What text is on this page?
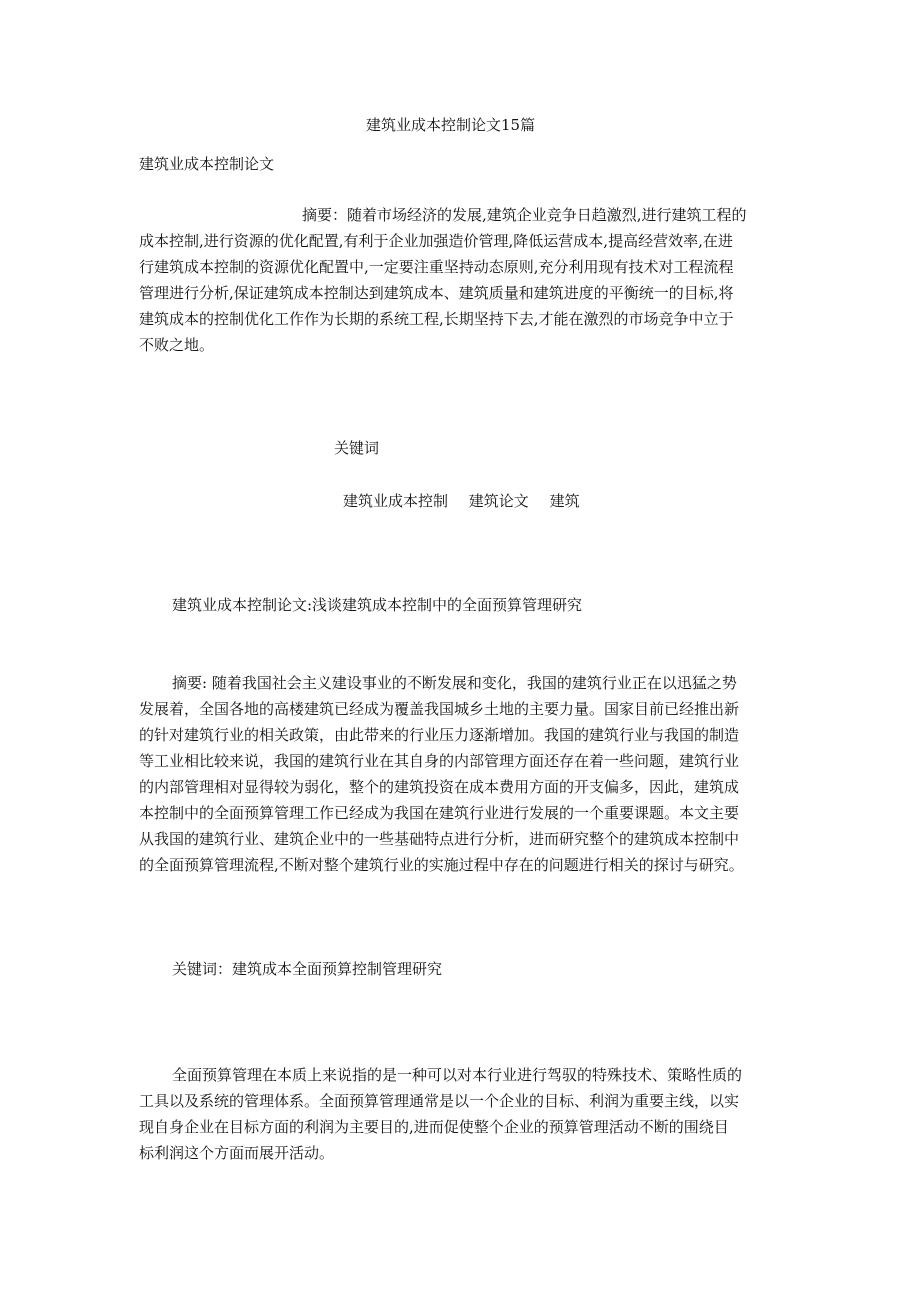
建筑业成本控制论文15篇
建筑业成本控制论文
摘要：随着市场经济的发展,建筑企业竞争日趋激烈,进行建筑工程的
成本控制,进行资源的优化配置,有利于企业加强造价管理,降低运营成本,提高经营效率,在进
行建筑成本控制的资源优化配置中,一定要注重坚持动态原则,充分利用现有技术对工程流程
管理进行分析,保证建筑成本控制达到建筑成本、建筑质量和建筑进度的平衡统一的目标,将
建筑成本的控制优化工作作为长期的系统工程,长期坚持下去,才能在激烈的市场竞争中立于
不败之地。
关键词
建筑业成本控制 建筑论文 建筑
建筑业成本控制论文:浅谈建筑成本控制中的全面预算管理研究
摘要: 随着我国社会主义建设事业的不断发展和变化，我国的建筑行业正在以迅猛之势
发展着，全国各地的高楼建筑已经成为覆盖我国城乡土地的主要力量。国家目前已经推出新
的针对建筑行业的相关政策，由此带来的行业压力逐渐增加。我国的建筑行业与我国的制造
等工业相比较来说，我国的建筑行业在其自身的内部管理方面还存在着一些问题，建筑行业
的内部管理相对显得较为弱化，整个的建筑投资在成本费用方面的开支偏多，因此，建筑成
本控制中的全面预算管理工作已经成为我国在建筑行业进行发展的一个重要课题。本文主要
从我国的建筑行业、建筑企业中的一些基础特点进行分析，进而研究整个的建筑成本控制中
的全面预算管理流程,不断对整个建筑行业的实施过程中存在的问题进行相关的探讨与研究。
关键词：建筑成本全面预算控制管理研究
全面预算管理在本质上来说指的是一种可以对本行业进行驾驭的特殊技术、策略性质的
工具以及系统的管理体系。全面预算管理通常是以一个企业的目标、利润为重要主线，以实
现自身企业在目标方面的利润为主要目的,进而促使整个企业的预算管理活动不断的围绕目
标利润这个方面而展开活动。
